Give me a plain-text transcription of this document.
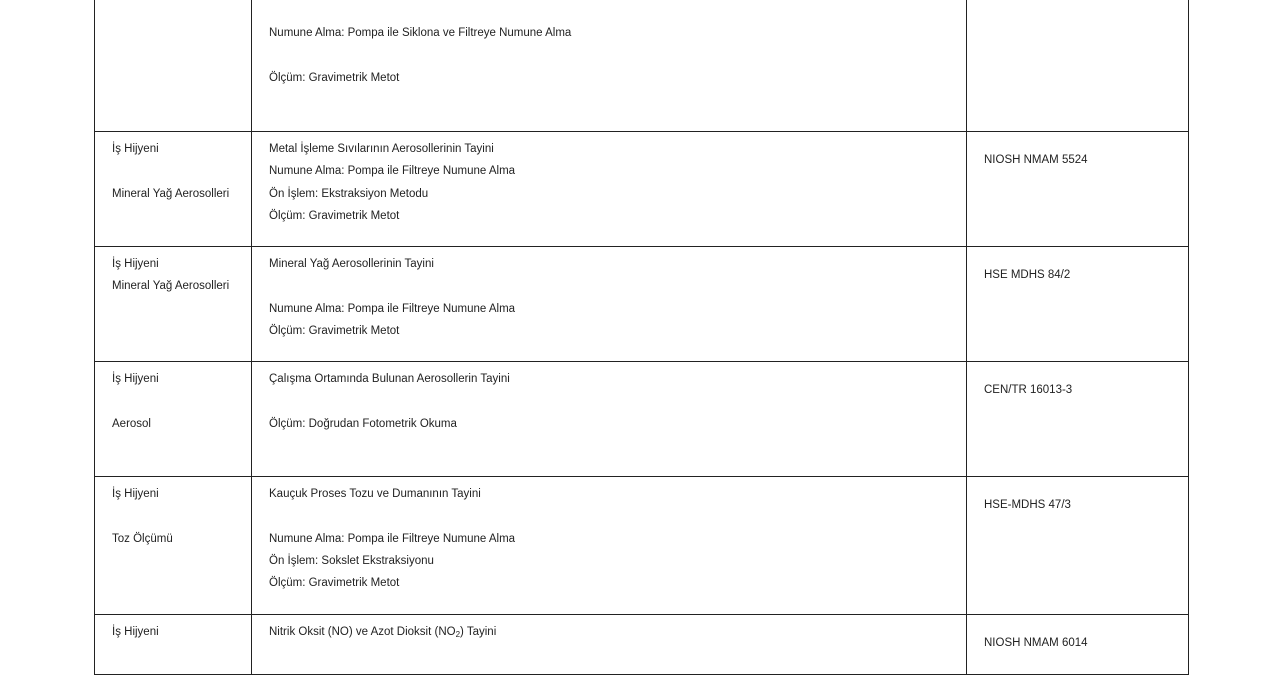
Numune Alma: Pompa ile Siklona ve Filtreye Numune Alma
Ölçüm: Gravimetrik Metot
İş Hijyeni
Mineral Yağ Aerosolleri
Metal İşleme Sıvılarının Aerosollerinin Tayini
Numune Alma: Pompa ile Filtreye Numune Alma
Ön İşlem: Ekstraksiyon Metodu
Ölçüm: Gravimetrik Metot
NIOSH NMAM 5524
İş Hijyeni
Mineral Yağ Aerosolleri
Mineral Yağ Aerosollerinin Tayini
Numune Alma: Pompa ile Filtreye Numune Alma
Ölçüm: Gravimetrik Metot
HSE MDHS 84/2
İş Hijyeni
Aerosol
Çalışma Ortamında Bulunan Aerosollerin Tayini
Ölçüm: Doğrudan Fotometrik Okuma
CEN/TR 16013-3
İş Hijyeni
Toz Ölçümü
Kauçuk Proses Tozu ve Dumanının Tayini
Numune Alma: Pompa ile Filtreye Numune Alma
Ön İşlem: Sokslet Ekstraksiyonu
Ölçüm: Gravimetrik Metot
HSE-MDHS 47/3
İş Hijyeni	Nitrik Oksit (NO) ve Azot Dioksit $(NO_2)$ Tayini
NIOSH NMAM 6014
